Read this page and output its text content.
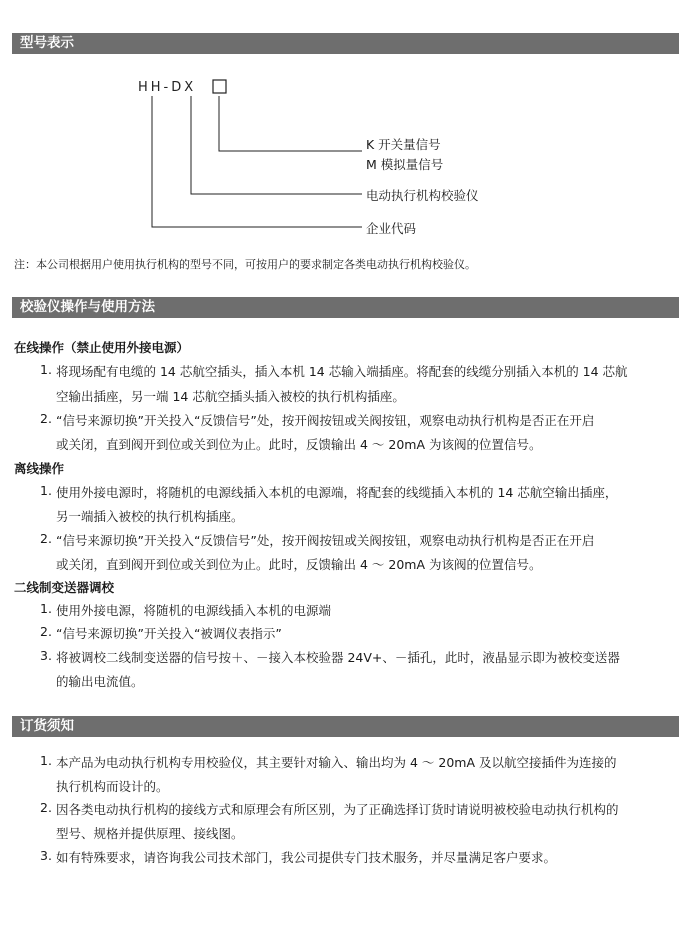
型号表示
HH-DX
K 开关量信号
M 模拟量信号
电动执行机构校验仪
企业代码
注：本公司根据用户使用执行机构的型号不同，可按用户的要求制定各类电动执行机构校验仪。
校验仪操作与使用方法
在线操作（禁止使用外接电源）
1. 将现场配有电缆的 14 芯航空插头，插入本机 14 芯输入端插座。将配套的线缆分别插入本机的 14 芯航
空输出插座，另一端 14 芯航空插头插入被校的执行机构插座。
2. “信号来源切换”开关投入“反馈信号”处，按开阀按钮或关阀按钮，观察电动执行机构是否正在开启
或关闭，直到阀开到位或关到位为止。此时，反馈输出 4 ～ 20mA 为该阀的位置信号。
离线操作
1. 使用外接电源时，将随机的电源线插入本机的电源端，将配套的线缆插入本机的 14 芯航空输出插座，
另一端插入被校的执行机构插座。
2. “信号来源切换”开关投入“反馈信号”处，按开阀按钮或关阀按钮，观察电动执行机构是否正在开启
或关闭，直到阀开到位或关到位为止。此时，反馈输出 4 ～ 20mA 为该阀的位置信号。
二线制变送器调校
1. 使用外接电源，将随机的电源线插入本机的电源端
2. “信号来源切换”开关投入“被调仪表指示”
3. 将被调校二线制变送器的信号按＋、－接入本校验器 24V+、－插孔，此时，液晶显示即为被校变送器
的输出电流值。
订货须知
1. 本产品为电动执行机构专用校验仪，其主要针对输入、输出均为 4 ～ 20mA 及以航空接插件为连接的
执行机构而设计的。
2. 因各类电动执行机构的接线方式和原理会有所区别，为了正确选择订货时请说明被校验电动执行机构的
型号、规格并提供原理、接线图。
3. 如有特殊要求，请咨询我公司技术部门，我公司提供专门技术服务，并尽量满足客户要求。
